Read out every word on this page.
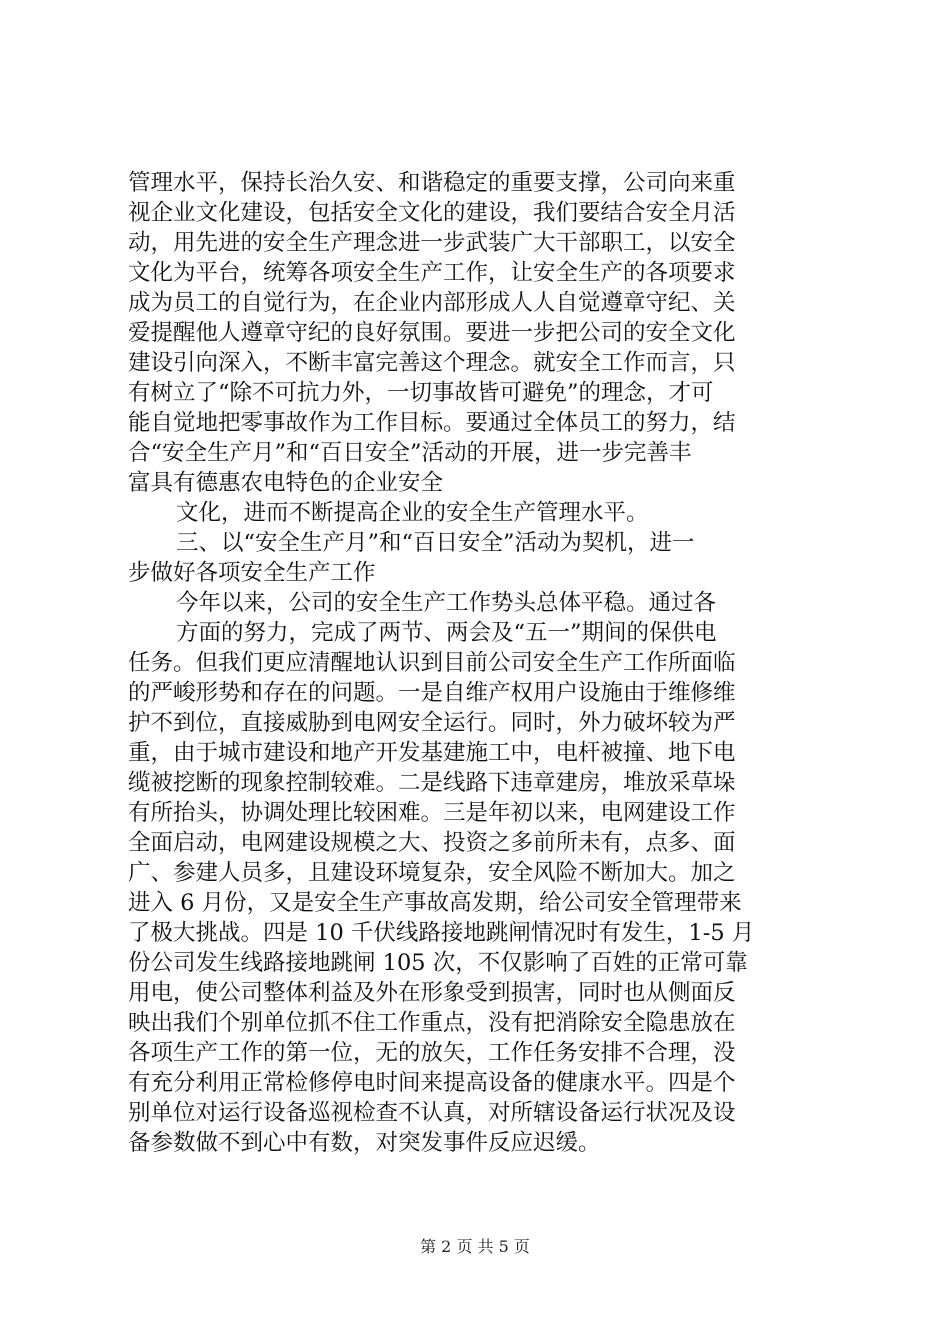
管理水平，保持长治久安、和谐稳定的重要支撑，公司向来重
视企业文化建设，包括安全文化的建设，我们要结合安全月活
动，用先进的安全生产理念进一步武装广大干部职工，以安全
文化为平台，统筹各项安全生产工作，让安全生产的各项要求
成为员工的自觉行为，在企业内部形成人人自觉遵章守纪、关
爱提醒他人遵章守纪的良好氛围。要进一步把公司的安全文化
建设引向深入，不断丰富完善这个理念。就安全工作而言，只
有树立了“除不可抗力外，一切事故皆可避免”的理念，才可
能自觉地把零事故作为工作目标。要通过全体员工的努力，结
合“安全生产月”和“百日安全”活动的开展，进一步完善丰
富具有德惠农电特色的企业安全
文化，进而不断提高企业的安全生产管理水平。
三、以“安全生产月”和“百日安全”活动为契机，进一
步做好各项安全生产工作
今年以来，公司的安全生产工作势头总体平稳。通过各
方面的努力，完成了两节、两会及“五一”期间的保供电
任务。但我们更应清醒地认识到目前公司安全生产工作所面临
的严峻形势和存在的问题。一是自维产权用户设施由于维修维
护不到位，直接威胁到电网安全运行。同时，外力破坏较为严
重，由于城市建设和地产开发基建施工中，电杆被撞、地下电
缆被挖断的现象控制较难。二是线路下违章建房，堆放采草垛
有所抬头，协调处理比较困难。三是年初以来，电网建设工作
全面启动，电网建设规模之大、投资之多前所未有，点多、面
广、参建人员多，且建设环境复杂，安全风险不断加大。加之
进入 6 月份，又是安全生产事故高发期，给公司安全管理带来
了极大挑战。四是 10 千伏线路接地跳闸情况时有发生，1-5 月
份公司发生线路接地跳闸 105 次，不仅影响了百姓的正常可靠
用电，使公司整体利益及外在形象受到损害，同时也从侧面反
映出我们个别单位抓不住工作重点，没有把消除安全隐患放在
各项生产工作的第一位，无的放矢，工作任务安排不合理，没
有充分利用正常检修停电时间来提高设备的健康水平。四是个
别单位对运行设备巡视检查不认真，对所辖设备运行状况及设
备参数做不到心中有数，对突发事件反应迟缓。
第 2 页 共 5 页
